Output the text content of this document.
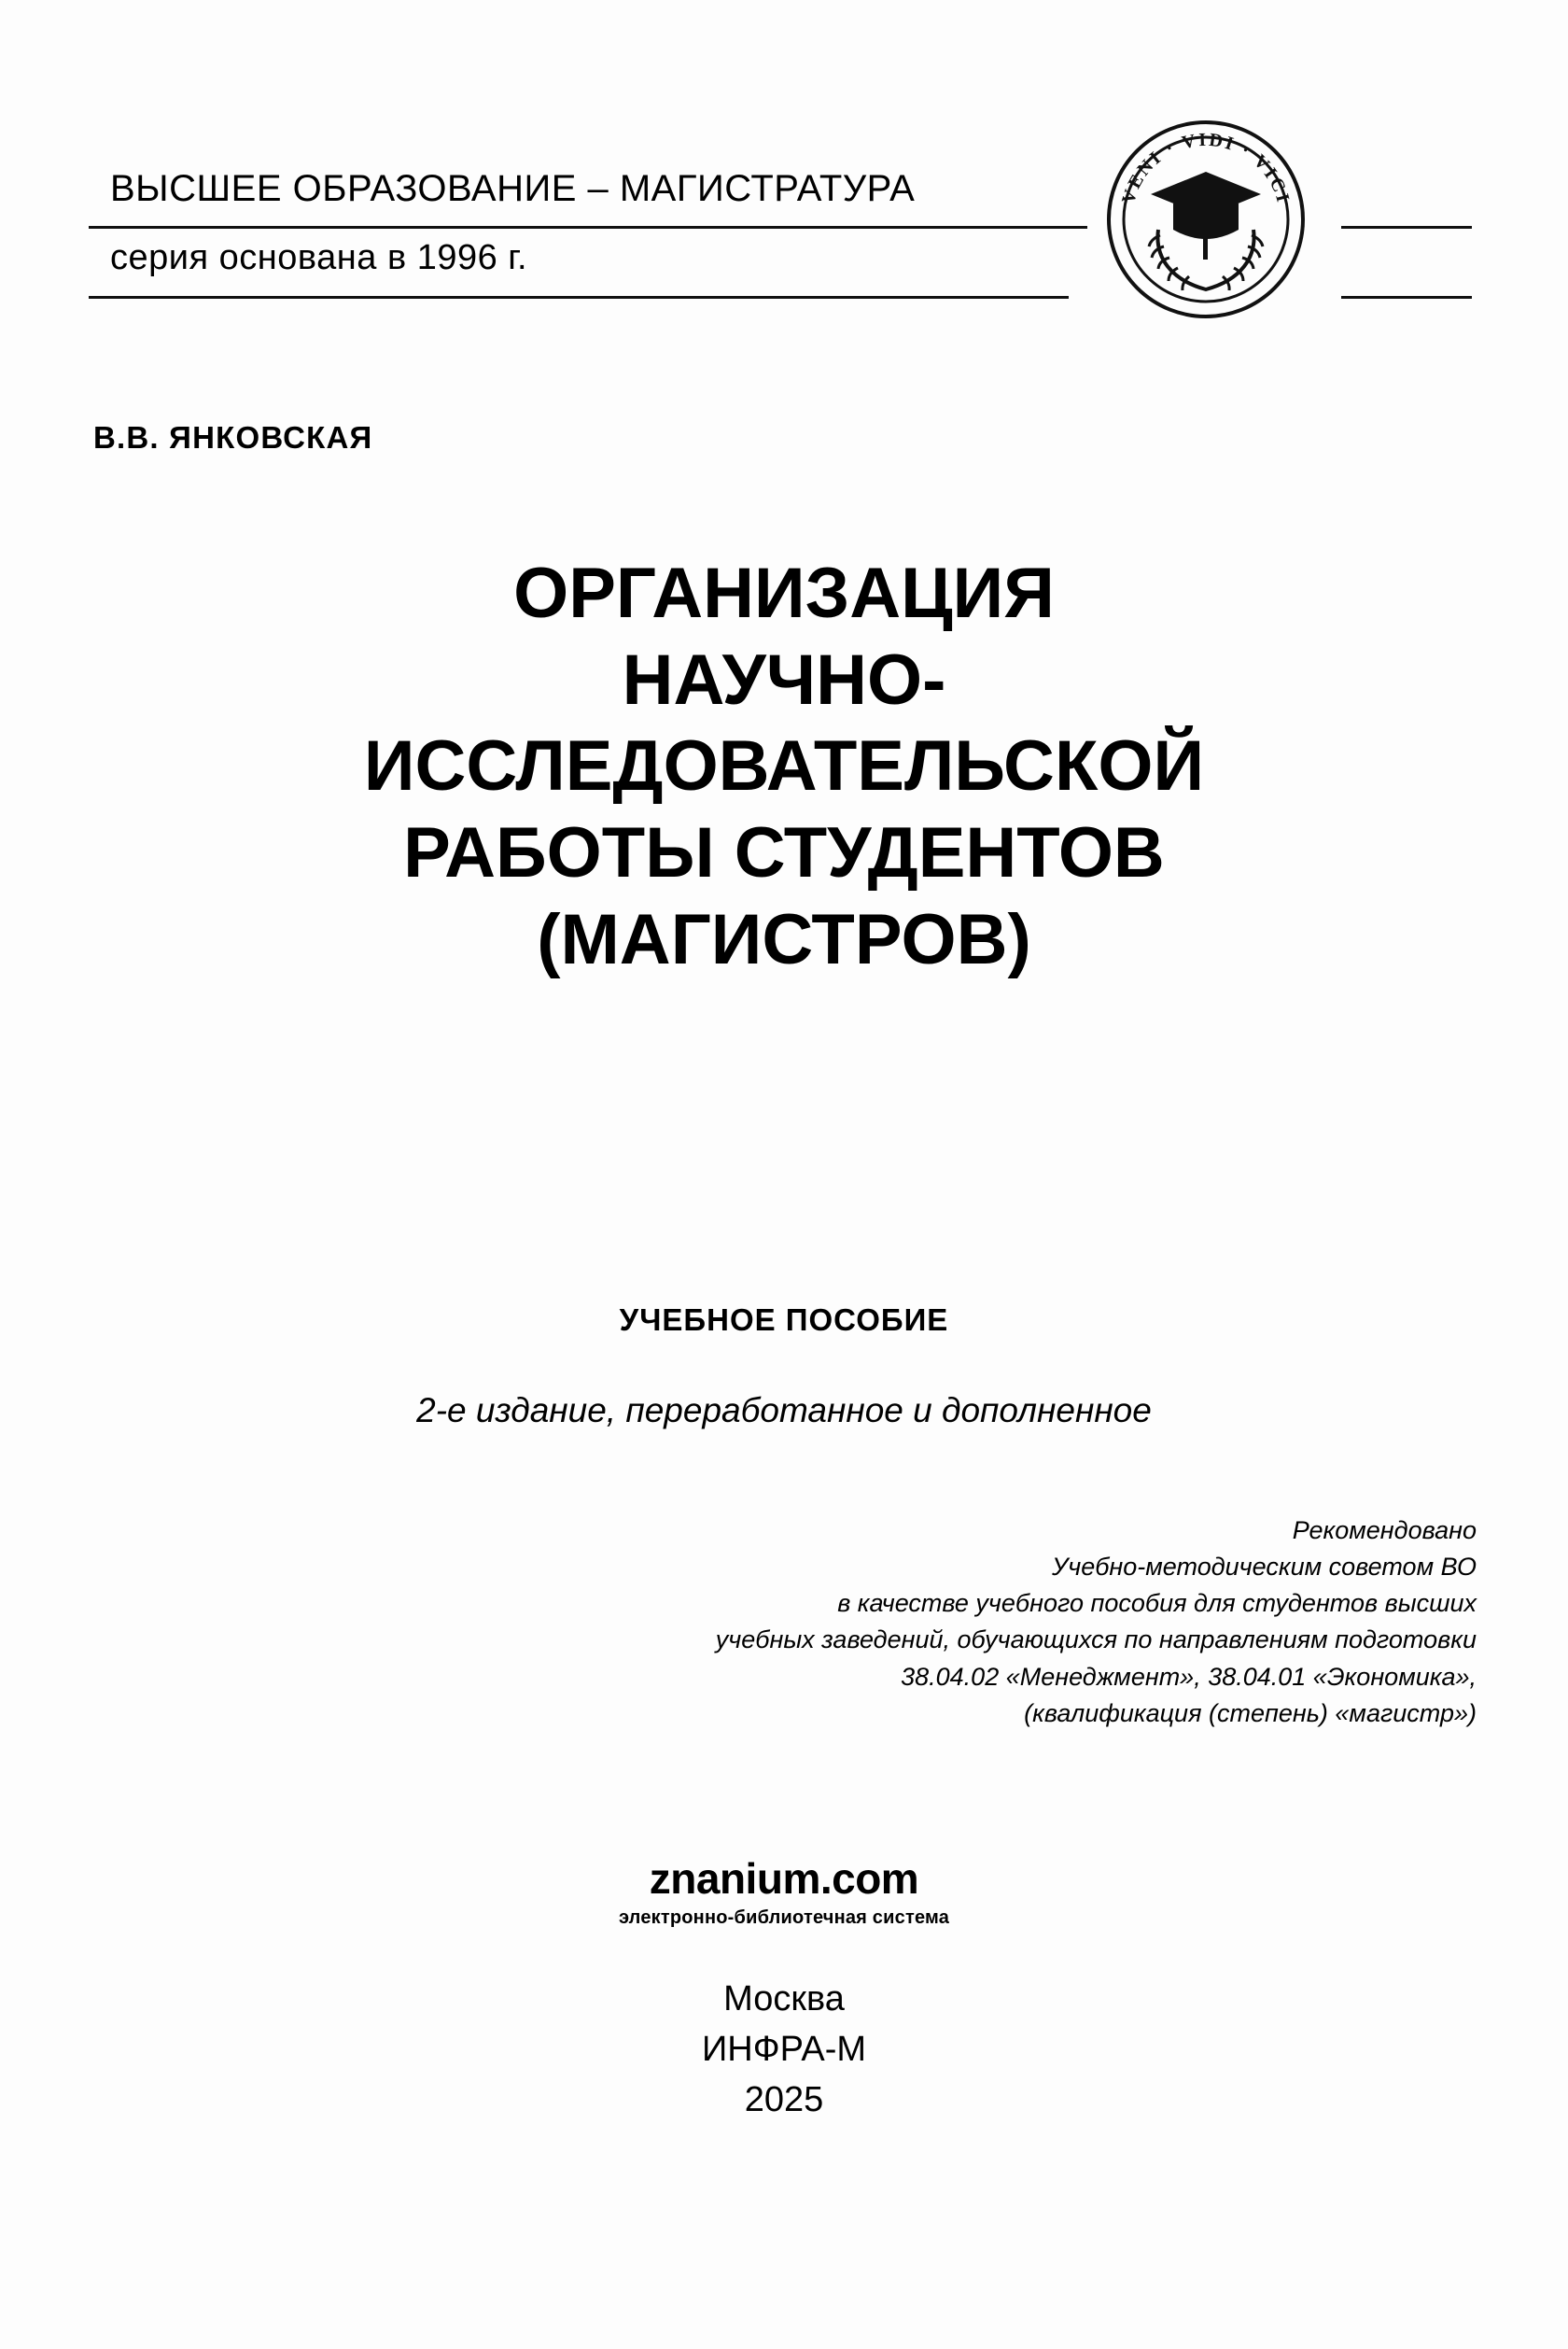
ВЫСШЕЕ ОБРАЗОВАНИЕ – МАГИСТРАТУРА
серия основана в 1996 г.
VENI · VIDI · VICI
В.В. ЯНКОВСКАЯ
ОРГАНИЗАЦИЯ
НАУЧНО-
ИССЛЕДОВАТЕЛЬСКОЙ
РАБОТЫ СТУДЕНТОВ
(МАГИСТРОВ)
УЧЕБНОЕ ПОСОБИЕ
2-е издание, переработанное и дополненное
Рекомендовано
Учебно-методическим советом ВО
в качестве учебного пособия для студентов высших
учебных заведений, обучающихся по направлениям подготовки
38.04.02 «Менеджмент», 38.04.01 «Экономика»,
(квалификация (степень) «магистр»)
znanium.com
электронно-библиотечная система
Москва
ИНФРА-М
2025
